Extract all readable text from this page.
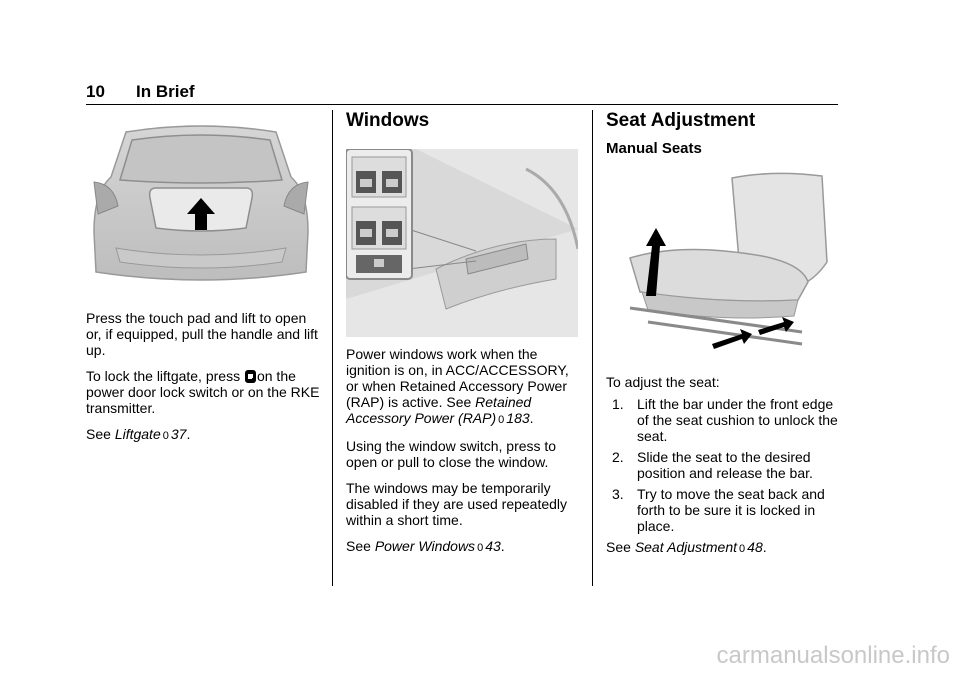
10 In Brief

Press the touch pad and lift to open or, if equipped, pull the handle and lift up.

To lock the liftgate, press on the power door lock switch or on the RKE transmitter.

See Liftgate 0 37.

Windows

Power windows work when the ignition is on, in ACC/ACCESSORY, or when Retained Accessory Power (RAP) is active. See Retained Accessory Power (RAP) 0 183.

Using the window switch, press to open or pull to close the window.

The windows may be temporarily disabled if they are used repeatedly within a short time.

See Power Windows 0 43.

Seat Adjustment
Manual Seats

To adjust the seat:

1. Lift the bar under the front edge of the seat cushion to unlock the seat.
2. Slide the seat to the desired position and release the bar.
3. Try to move the seat back and forth to be sure it is locked in place.

See Seat Adjustment 0 48.

carmanualsonline.info
